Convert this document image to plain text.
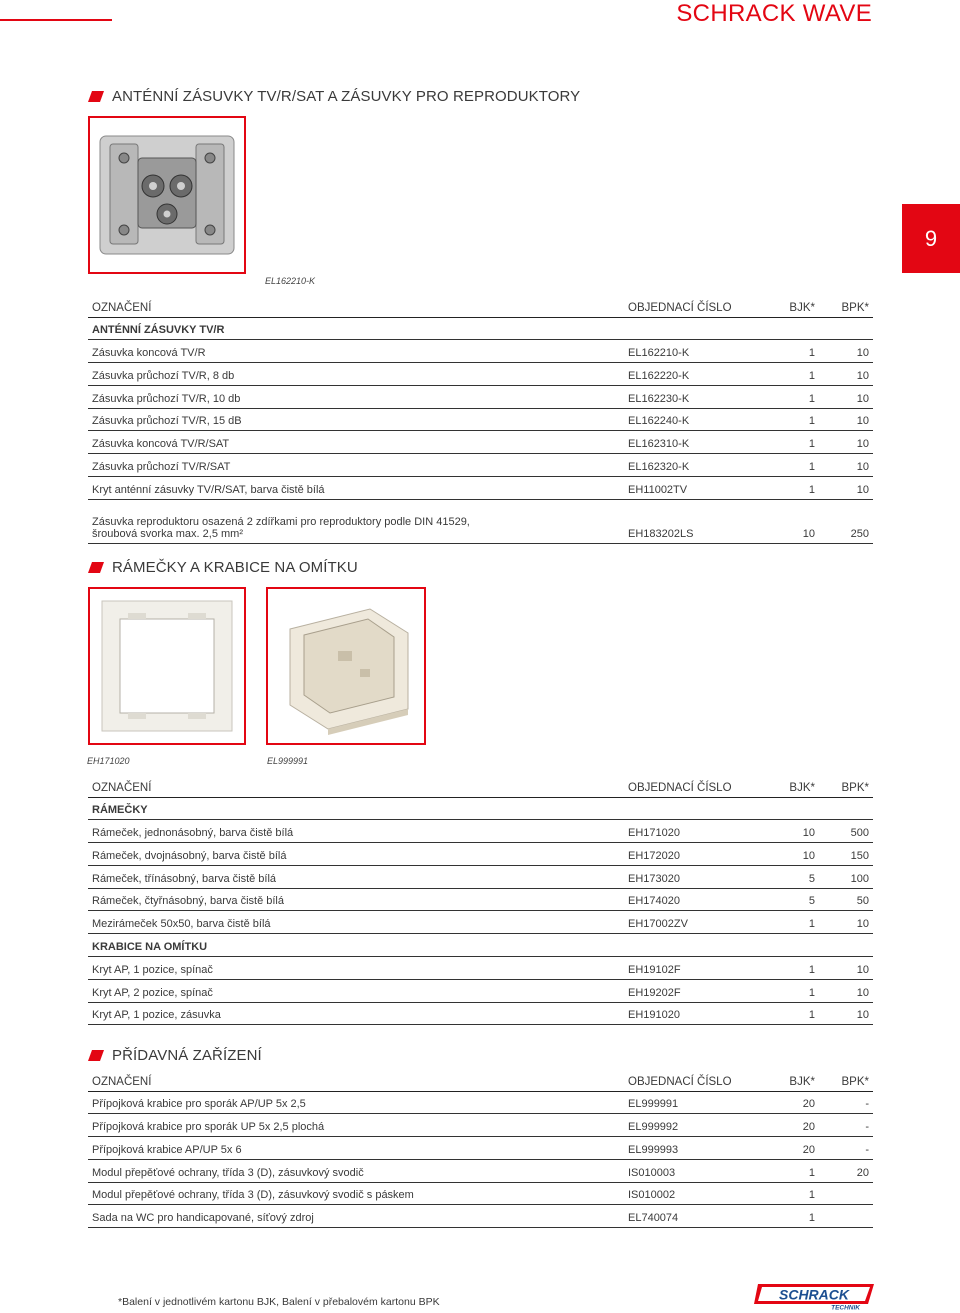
SCHRACK WAVE
9
ANTÉNNÍ ZÁSUVKY TV/R/SAT A ZÁSUVKY PRO REPRODUKTORY
EL162210-K
OZNAČENÍ	OBJEDNACÍ ČÍSLO	BJK*	BPK*
ANTÉNNÍ ZÁSUVKY TV/R			
Zásuvka koncová TV/R	EL162210-K	1	10
Zásuvka průchozí TV/R, 8 db	EL162220-K	1	10
Zásuvka průchozí TV/R, 10 db	EL162230-K	1	10
Zásuvka průchozí TV/R, 15 dB	EL162240-K	1	10
Zásuvka koncová TV/R/SAT	EL162310-K	1	10
Zásuvka průchozí TV/R/SAT	EL162320-K	1	10
Kryt anténní zásuvky TV/R/SAT, barva čistě bílá	EH11002TV	1	10
Zásuvka reproduktoru osazená 2 zdířkami pro reproduktory podle DIN 41529,
šroubová svorka max. 2,5 mm²	EH183202LS	10	250
RÁMEČKY A KRABICE NA OMÍTKU
EH171020	EL999991
OZNAČENÍ	OBJEDNACÍ ČÍSLO	BJK*	BPK*
RÁMEČKY			
Rámeček, jednonásobný, barva čistě bílá	EH171020	10	500
Rámeček, dvojnásobný, barva čistě bílá	EH172020	10	150
Rámeček, třínásobný, barva čistě bílá	EH173020	5	100
Rámeček, čtyřnásobný, barva čistě bílá	EH174020	5	50
Mezirámeček 50x50, barva čistě bílá	EH17002ZV	1	10
KRABICE NA OMÍTKU			
Kryt AP, 1 pozice, spínač	EH19102F	1	10
Kryt AP, 2 pozice, spínač	EH19202F	1	10
Kryt AP, 1 pozice, zásuvka	EH191020	1	10
PŘÍDAVNÁ ZAŘÍZENÍ
OZNAČENÍ	OBJEDNACÍ ČÍSLO	BJK*	BPK*
Přípojková krabice pro sporák AP/UP 5x 2,5	EL999991	20	-
Přípojková krabice pro sporák UP 5x 2,5 plochá	EL999992	20	-
Přípojková krabice AP/UP 5x 6	EL999993	20	-
Modul přepěťové ochrany, třída 3 (D), zásuvkový svodič	IS010003	1	20
Modul přepěťové ochrany, třída 3 (D), zásuvkový svodič s páskem	IS010002	1	
Sada na WC pro handicapované, síťový zdroj	EL740074	1	
*Balení v jednotlivém kartonu BJK, Balení v přebalovém kartonu BPK	SCHRACK
TECHNIK
